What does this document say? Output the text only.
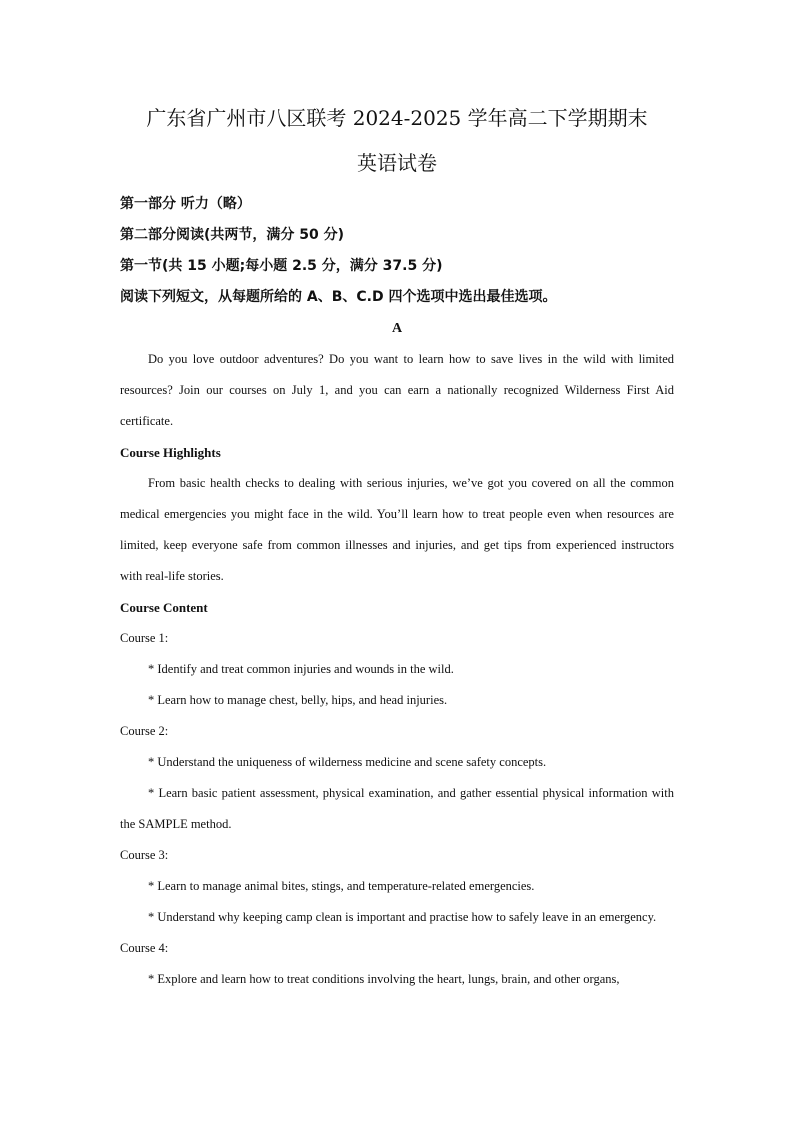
广东省广州市八区联考 2024-2025 学年高二下学期期末
英语试卷

第一部分 听力（略）

第二部分阅读(共两节，满分 50 分)

第一节(共 15 小题;每小题 2.5 分，满分 37.5 分)

阅读下列短文，从每题所给的 A、B、C.D 四个选项中选出最佳选项。

A

Do you love outdoor adventures? Do you want to learn how to save lives in the wild with limited resources? Join our courses on July 1, and you can earn a nationally recognized Wilderness First Aid certificate.

Course Highlights

From basic health checks to dealing with serious injuries, we’ve got you covered on all the common medical emergencies you might face in the wild. You’ll learn how to treat people even when resources are limited, keep everyone safe from common illnesses and injuries, and get tips from experienced instructors with real-life stories.

Course Content

Course 1:

* Identify and treat common injuries and wounds in the wild.

* Learn how to manage chest, belly, hips, and head injuries.

Course 2:

* Understand the uniqueness of wilderness medicine and scene safety concepts.

* Learn basic patient assessment, physical examination, and gather essential physical information with the SAMPLE method.

Course 3:

* Learn to manage animal bites, stings, and temperature-related emergencies.

* Understand why keeping camp clean is important and practise how to safely leave in an emergency.

Course 4:

* Explore and learn how to treat conditions involving the heart, lungs, brain, and other organs,
